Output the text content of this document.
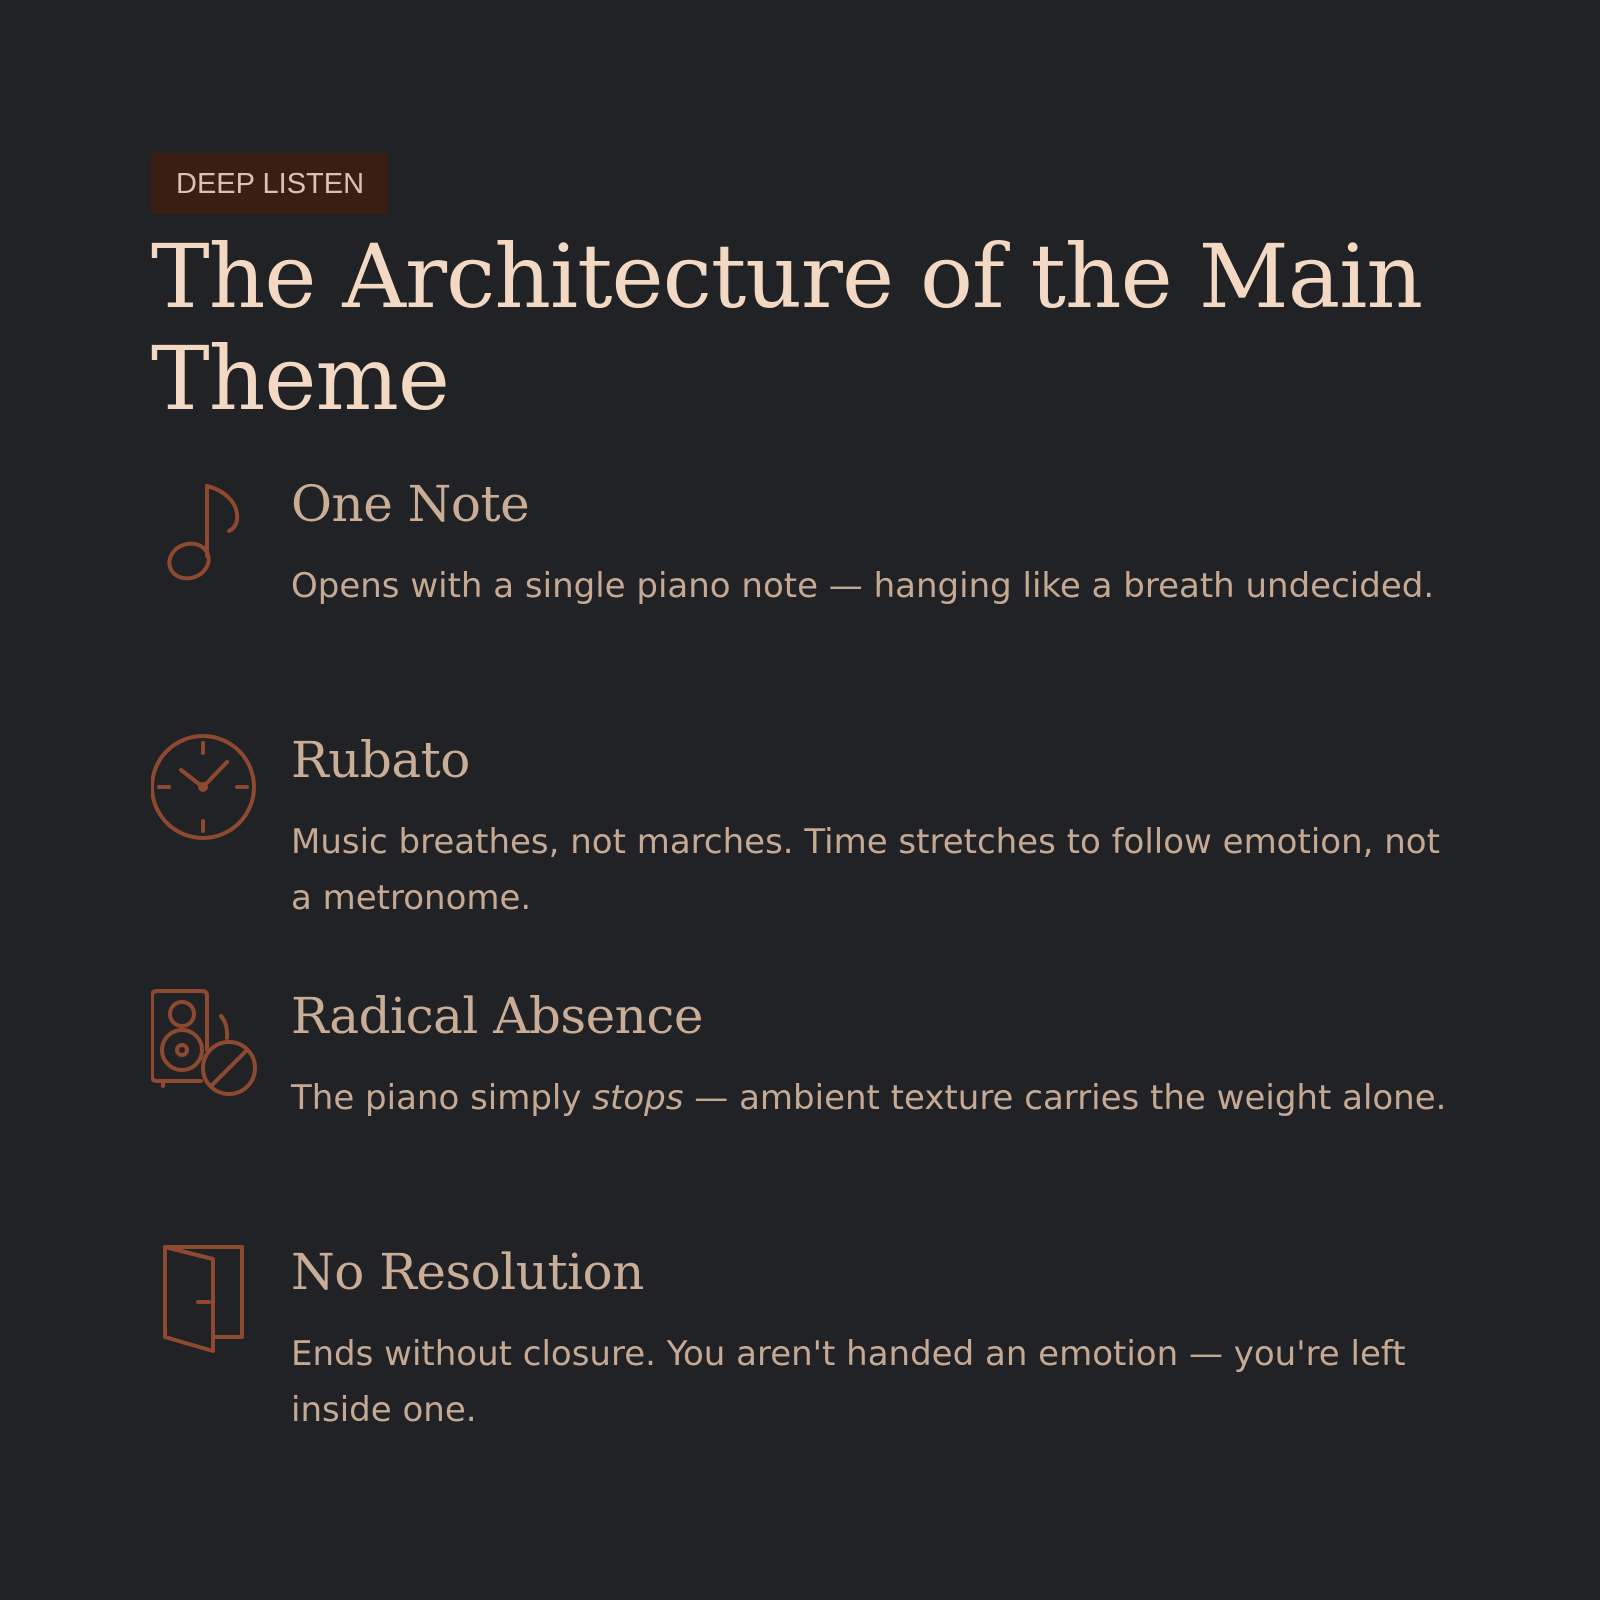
DEEP LISTEN
The Architecture of the Main Theme
One Note

Opens with a single piano note — hanging like a breath undecided.

Rubato

Music breathes, not marches. Time stretches to follow emotion, not a metronome.

Radical Absence

The piano simply stops — ambient texture carries the weight alone.

No Resolution

Ends without closure. You aren't handed an emotion — you're left inside one.
